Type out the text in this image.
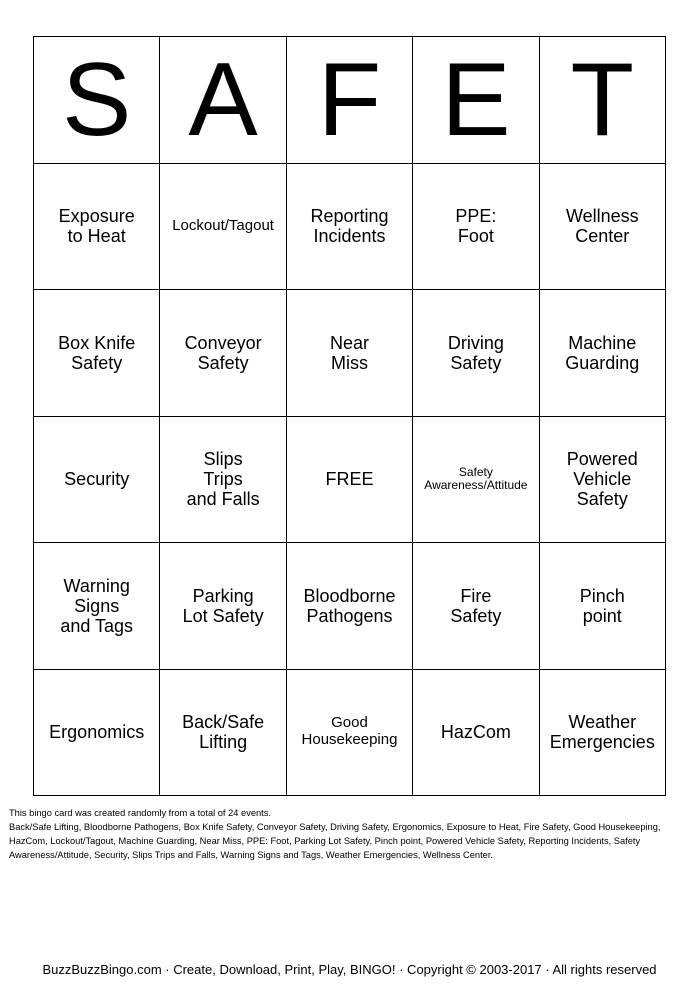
S A F E T
Exposure
to Heat
Lockout/Tagout Reporting
Incidents
PPE:
Foot
Wellness
Center
Box Knife
Safety
Conveyor
Safety
Near
Miss
Driving
Safety
Machine
Guarding
Security
Slips
Trips
and Falls
FREE	Safety
Awareness/Attitude
Powered
Vehicle
Safety
Warning
Signs
and Tags
Parking
Lot Safety
Bloodborne
Pathogens
Fire
Safety
Pinch
point
Ergonomics
Back/Safe
Lifting
Good
Housekeeping HazCom
Weather
Emergencies

This bingo card was created randomly from a total of 24 events.

Back/Safe Lifting, Bloodborne Pathogens, Box Knife Safety, Conveyor Safety, Driving Safety, Ergonomics, Exposure to Heat, Fire Safety, Good Housekeeping, HazCom, Lockout/Tagout, Machine Guarding, Near Miss, PPE: Foot, Parking Lot Safety, Pinch point, Powered Vehicle Safety, Reporting Incidents, Safety Awareness/Attitude, Security, Slips Trips and Falls, Warning Signs and Tags, Weather Emergencies, Wellness Center.

BuzzBuzzBingo.com · Create, Download, Print, Play, BINGO! · Copyright © 2003-2017 · All rights reserved
